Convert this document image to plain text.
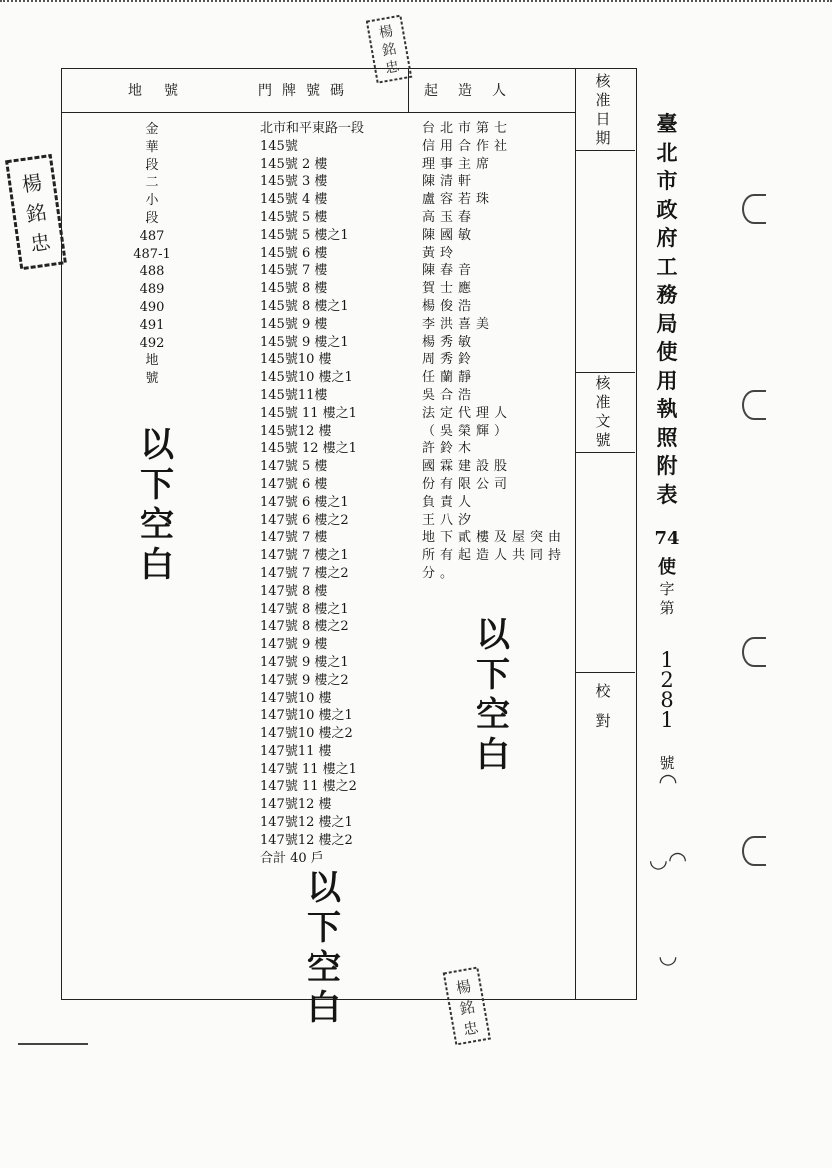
地號	門牌號碼	起造人
金
華
段
二
小
段
487
487-1
488
489
490
491
492
地
號
北市和平東路一段
145號
145號 2 樓
145號 3 樓
145號 4 樓
145號 5 樓
145號 5 樓之1
145號 6 樓
145號 7 樓
145號 8 樓
145號 8 樓之1
145號 9 樓
145號 9 樓之1
145號10 樓
145號10 樓之1
145號11樓
145號 11 樓之1
145號12 樓
145號 12 樓之1
147號 5 樓
147號 6 樓
147號 6 樓之1
147號 6 樓之2
147號 7 樓
147號 7 樓之1
147號 7 樓之2
147號 8 樓
147號 8 樓之1
147號 8 樓之2
147號 9 樓
147號 9 樓之1
147號 9 樓之2
147號10 樓
147號10 樓之1
147號10 樓之2
147號11 樓
147號 11 樓之1
147號 11 樓之2
147號12 樓
147號12 樓之1
147號12 樓之2
合計 40 戶
台北市第七
信用合作社
理事主席
陳清軒
盧容若珠
高玉春
陳國敏
黃玲
陳春音
賀士應
楊俊浩
李洪喜美
楊秀敏
周秀鈴
任蘭靜
吳合浩
法定代理人
（吳榮輝）
許鈴木
國霖建設股
份有限公司
負責人
王八汐
地下貳樓及屋突由
所有起造人共同持
分。
以
下
空
白
以
下
空
白
以
下
空
白
核准日期
核准文號
校對
臺北市政府工務局使用執照附表
74
使
字第
1281
號
◠
◡◠
◡
楊
銘
忠
楊
銘
忠
楊
銘
忠
